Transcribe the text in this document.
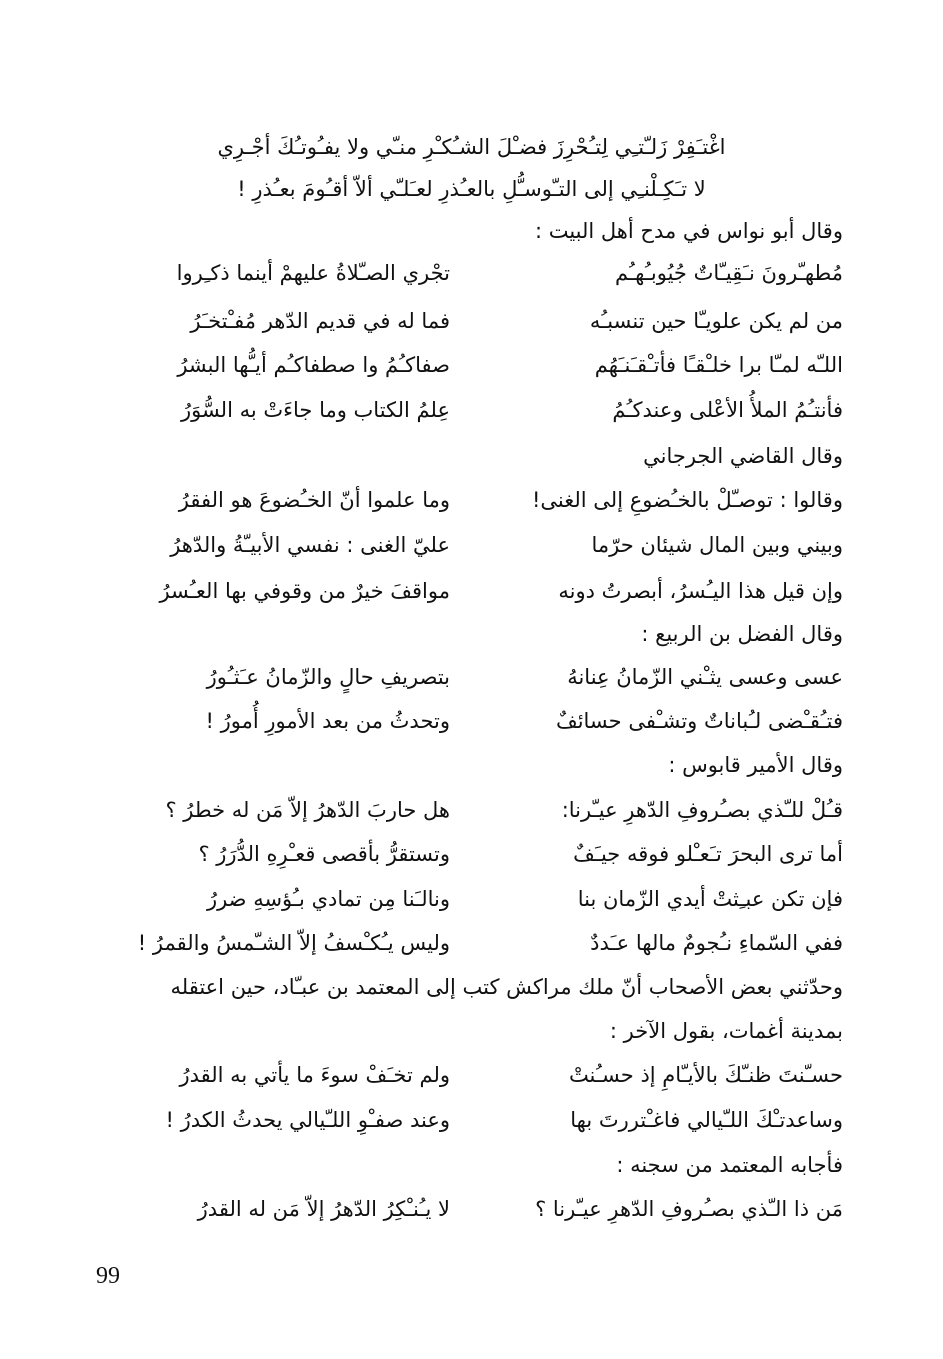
اغْتـَفِرْ زَلـّتـِي لِتـُحْرِزَ فضـْلَ الشـُكـْرِ منـّي ولا يفـُوتـُكَ أجْـرِي
لا تـَكِـلْنـِي إلى التـّوسـُّلِ بالعـُذرِ لعـَلـّي ألاّ أقـُومَ بعـُذرِ !
وقال أبو نواس في مدح أهل البيت :
مُطهـّرونَ نـَقِيـّاتٌ جُيُوبـُهـُم
تجْري الصـّلاةُ عليهمْ أينما ذكـِروا
من لم يكن علويـّا حين تنسبـُه
فما له في قديم الدّهر مُفـْتخـَرُ
اللـّه لمـّا برا خلـْقـًا فأتـْقـَنـَهُم
صفاكـُمُ وا صطفاكـُم أيـُّها البشرُ
فأنتـُمُ الملأُ الأعْلى وعندكـُمُ
عِلمُ الكتاب وما جاءَتْ به السُّوَرُ
وقال القاضي الجرجاني
وقالوا : توصـّلْ بالخـُضوعِ إلى الغنى!
وما علموا أنّ الخـُضوعَ هو الفقرُ
وبيني وبين المال شيئان حرّما
عليّ الغنى : نفسي الأبيـّةُ والدّهرُ
وإن قيل هذا اليـُسرُ، أبصرتُ دونه
مواقفَ خيرٌ من وقوفي بها العـُسرُ
وقال الفضل بن الربيع :
عسى وعسى يثـْني الزّمانُ عِنانهُ
بتصريفِ حالٍ والزّمانُ عـَثـُورُ
فتـُقـْضى لـُباناتٌ وتشـْفى حسائفٌ
وتحدثُ من بعد الأمورِ أُمورُ !
وقال الأمير قابوس :
قـُلْ للـّذي بصـُروفِ الدّهرِ عيـّرنا:
هل حاربَ الدّهرُ إلاّ مَن له خطرُ ؟
أما ترى البحرَ تـَعـْلو فوقه جيـَفٌ
وتستقرُّ بأقصى قعـْرِهِ الدُّرَرُ ؟
فإن تكن عبـِثتْ أيدي الزّمان بنا
ونالـَنا مِن تمادي بـُؤسِهِ ضررُ
ففي السّماءِ نـُجومٌ مالها عـَددٌ
وليس يـُكـْسفُ إلاّ الشـّمسُ والقمرُ !
وحدّثني بعض الأصحاب أنّ ملك مراكش كتب إلى المعتمد بن عبـّاد، حين اعتقله
بمدينة أغمات، بقول الآخر :
حسـّنتَ ظنـّكَ بالأيـّامِ إذ حسـُنتْ
ولم تخـَفْ سوءَ ما يأتي به القدرُ
وساعدتـْكَ اللـّيالي فاغـْتررتَ بها
وعند صفـْوِ اللـّيالي يحدثُ الكدرُ !
فأجابه المعتمد من سجنه :
مَن ذا الـّذي بصـُروفِ الدّهرِ عيـّرنا ؟
لا يـُنـْكِرُ الدّهرُ إلاّ مَن له القدرُ
99
